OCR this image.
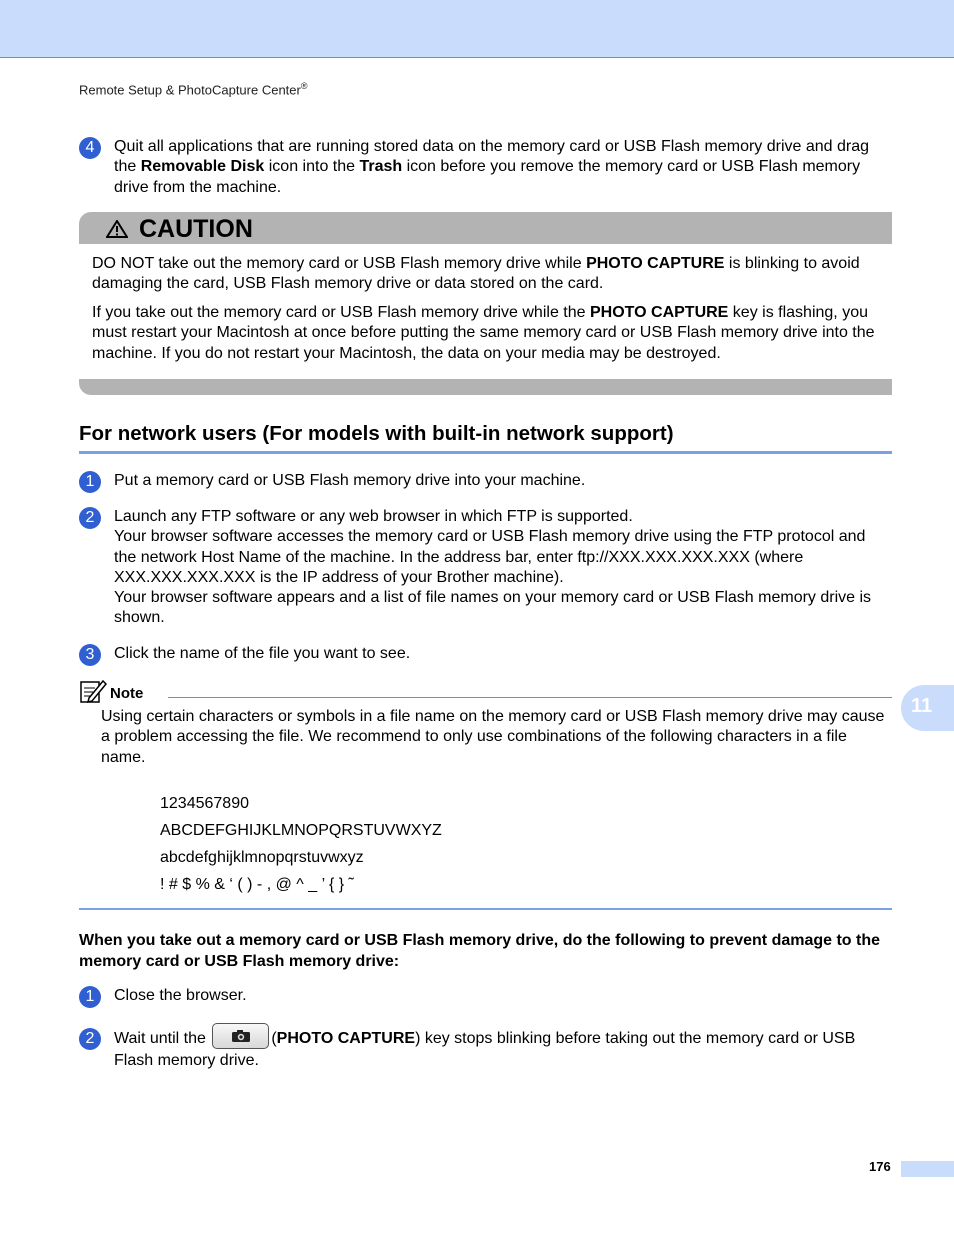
Remote Setup & PhotoCapture Center®
4	Quit all applications that are running stored data on the memory card or USB Flash memory drive and drag the Removable Disk icon into the Trash icon before you remove the memory card or USB Flash memory drive from the machine.
CAUTION
DO NOT take out the memory card or USB Flash memory drive while PHOTO CAPTURE is blinking to avoid damaging the card, USB Flash memory drive or data stored on the card.
If you take out the memory card or USB Flash memory drive while the PHOTO CAPTURE key is flashing, you must restart your Macintosh at once before putting the same memory card or USB Flash memory drive into the machine. If you do not restart your Macintosh, the data on your media may be destroyed.
For network users (For models with built-in network support)
1	Put a memory card or USB Flash memory drive into your machine.

2	Launch any FTP software or any web browser in which FTP is supported.

Your browser software accesses the memory card or USB Flash memory drive using the FTP protocol and the network Host Name of the machine. In the address bar, enter ftp://XXX.XXX.XXX.XXX (where XXX.XXX.XXX.XXX is the IP address of your Brother machine).

Your browser software appears and a list of file names on your memory card or USB Flash memory drive is shown.

3	Click the name of the file you want to see.

Note
Using certain characters or symbols in a file name on the memory card or USB Flash memory drive may cause a problem accessing the file. We recommend to only use combinations of the following characters in a file name.
1234567890
ABCDEFGHIJKLMNOPQRSTUVWXYZ
abcdefghijklmnopqrstuvwxyz
! # $ % & ‘ ( ) - , @ ^ _ ’ { } ˜
When you take out a memory card or USB Flash memory drive, do the following to prevent damage to the memory card or USB Flash memory drive:
1	Close the browser.
2	Wait until the	(PHOTO CAPTURE) key stops blinking before taking out the memory card or USB Flash memory drive.
11
176
